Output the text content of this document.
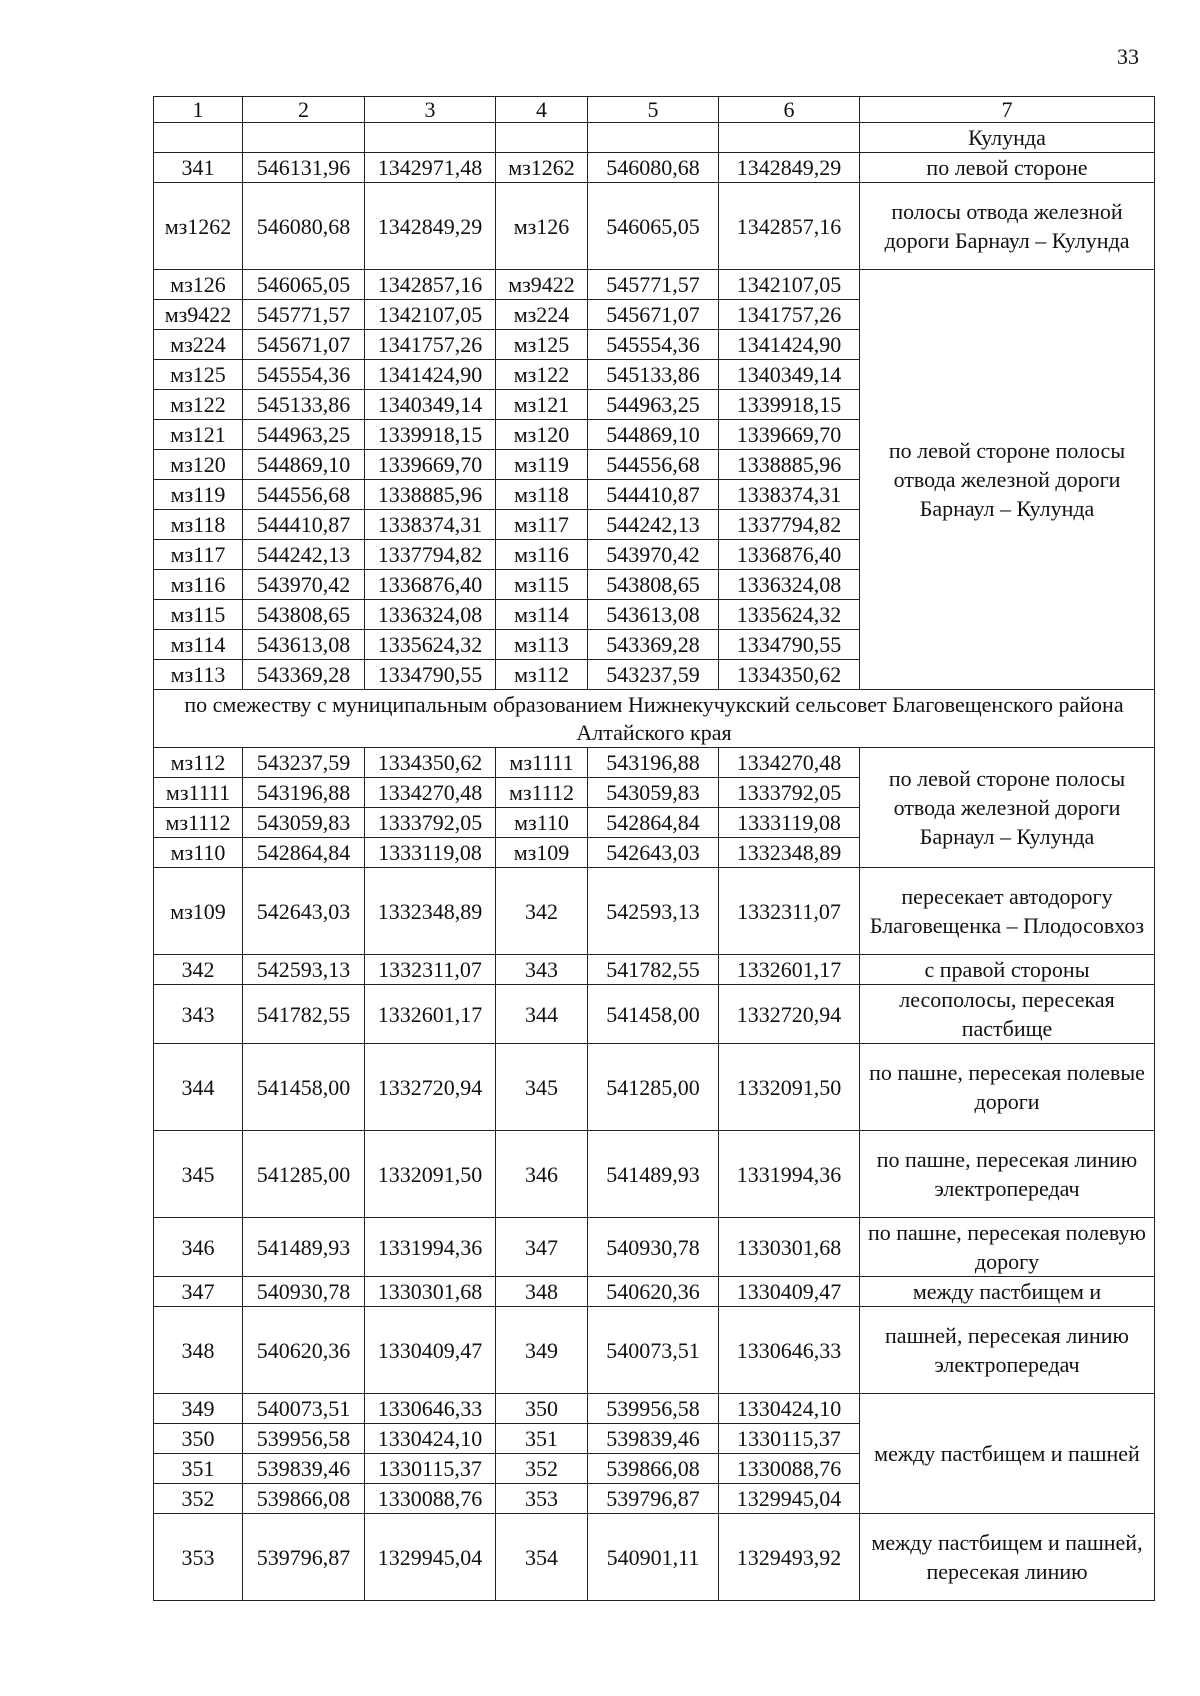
33
1	2	3	4	5	6	7
						Кулунда
341	546131,96	1342971,48	мз1262	546080,68	1342849,29	по левой стороне
мз1262	546080,68	1342849,29	мз126	546065,05	1342857,16	полосы отвода железной дороги Барнаул – Кулунда
мз126	546065,05	1342857,16	мз9422	545771,57	1342107,05	по левой стороне полосы отвода железной дороги Барнаул – Кулунда
мз9422	545771,57	1342107,05	мз224	545671,07	1341757,26	
мз224	545671,07	1341757,26	мз125	545554,36	1341424,90	
мз125	545554,36	1341424,90	мз122	545133,86	1340349,14	
мз122	545133,86	1340349,14	мз121	544963,25	1339918,15	
мз121	544963,25	1339918,15	мз120	544869,10	1339669,70	
мз120	544869,10	1339669,70	мз119	544556,68	1338885,96	
мз119	544556,68	1338885,96	мз118	544410,87	1338374,31	
мз118	544410,87	1338374,31	мз117	544242,13	1337794,82	
мз117	544242,13	1337794,82	мз116	543970,42	1336876,40	
мз116	543970,42	1336876,40	мз115	543808,65	1336324,08	
мз115	543808,65	1336324,08	мз114	543613,08	1335624,32	
мз114	543613,08	1335624,32	мз113	543369,28	1334790,55	
мз113	543369,28	1334790,55	мз112	543237,59	1334350,62	
по смежеству с муниципальным образованием Нижнекучукский сельсовет Благовещенского района Алтайского края						
мз112	543237,59	1334350,62	мз1111	543196,88	1334270,48	по левой стороне полосы отвода железной дороги Барнаул – Кулунда
мз1111	543196,88	1334270,48	мз1112	543059,83	1333792,05	
мз1112	543059,83	1333792,05	мз110	542864,84	1333119,08	
мз110	542864,84	1333119,08	мз109	542643,03	1332348,89	
мз109	542643,03	1332348,89	342	542593,13	1332311,07	пересекает автодорогу Благовещенка – Плодосовхоз
342	542593,13	1332311,07	343	541782,55	1332601,17	с правой стороны
343	541782,55	1332601,17	344	541458,00	1332720,94	лесополосы, пересекая пастбище
344	541458,00	1332720,94	345	541285,00	1332091,50	по пашне, пересекая полевые дороги
345	541285,00	1332091,50	346	541489,93	1331994,36	по пашне, пересекая линию электропередач
346	541489,93	1331994,36	347	540930,78	1330301,68	по пашне, пересекая полевую дорогу
347	540930,78	1330301,68	348	540620,36	1330409,47	между пастбищем и
348	540620,36	1330409,47	349	540073,51	1330646,33	пашней, пересекая линию электропередач
349	540073,51	1330646,33	350	539956,58	1330424,10	между пастбищем и пашней
350	539956,58	1330424,10	351	539839,46	1330115,37	
351	539839,46	1330115,37	352	539866,08	1330088,76	
352	539866,08	1330088,76	353	539796,87	1329945,04	
353	539796,87	1329945,04	354	540901,11	1329493,92	между пастбищем и пашней, пересекая линию
